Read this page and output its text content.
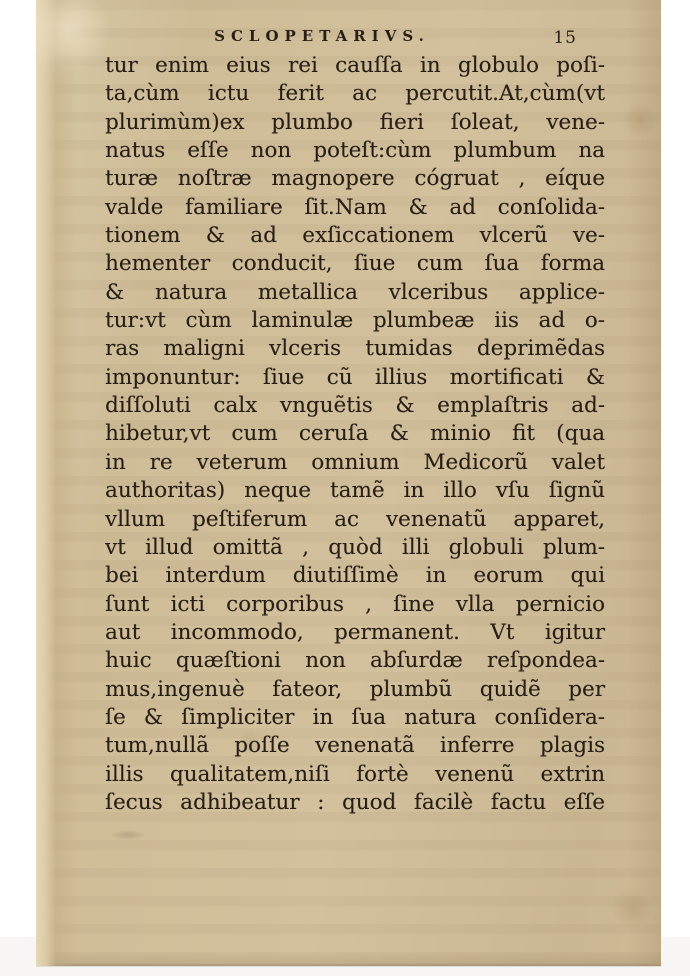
SCLOPETARIVS.	15
tur enim eius rei cauſſa in globulo poſi-
ta,cùm ictu ferit ac percutit.At,cùm(vt
plurimùm)ex plumbo fieri ſoleat, vene-
natus eſſe non poteſt:cùm plumbum na
turæ noſtræ magnopere cógruat , eíque
valde familiare ſit.Nam & ad conſolida-
tionem & ad exſiccationem vlcerũ ve-
hementer conducit, ſiue cum ſua forma
& natura metallica vlceribus applice-
tur:vt cùm laminulæ plumbeæ iis ad o-
ras maligni vlceris tumidas deprimẽdas
imponuntur: ſiue cũ illius mortificati &
diſſoluti calx vnguẽtis & emplaſtris ad-
hibetur,vt cum ceruſa & minio fit (qua
in re veterum omnium Medicorũ valet
authoritas) neque tamẽ in illo vſu ſignũ
vllum peſtiferum ac venenatũ apparet,
vt illud omittã , quòd illi globuli plum-
bei interdum diutiſſimè in eorum qui
ſunt icti corporibus , ſine vlla pernicio
aut incommodo, permanent. Vt igitur
huic quæſtioni non abſurdæ reſpondea-
mus,ingenuè fateor, plumbũ quidẽ per
ſe & ſimpliciter in ſua natura conſidera-
tum,nullã poſſe venenatã inferre plagis
illis qualitatem,niſi fortè venenũ extrin
ſecus adhibeatur : quod facilè factu eſſe
